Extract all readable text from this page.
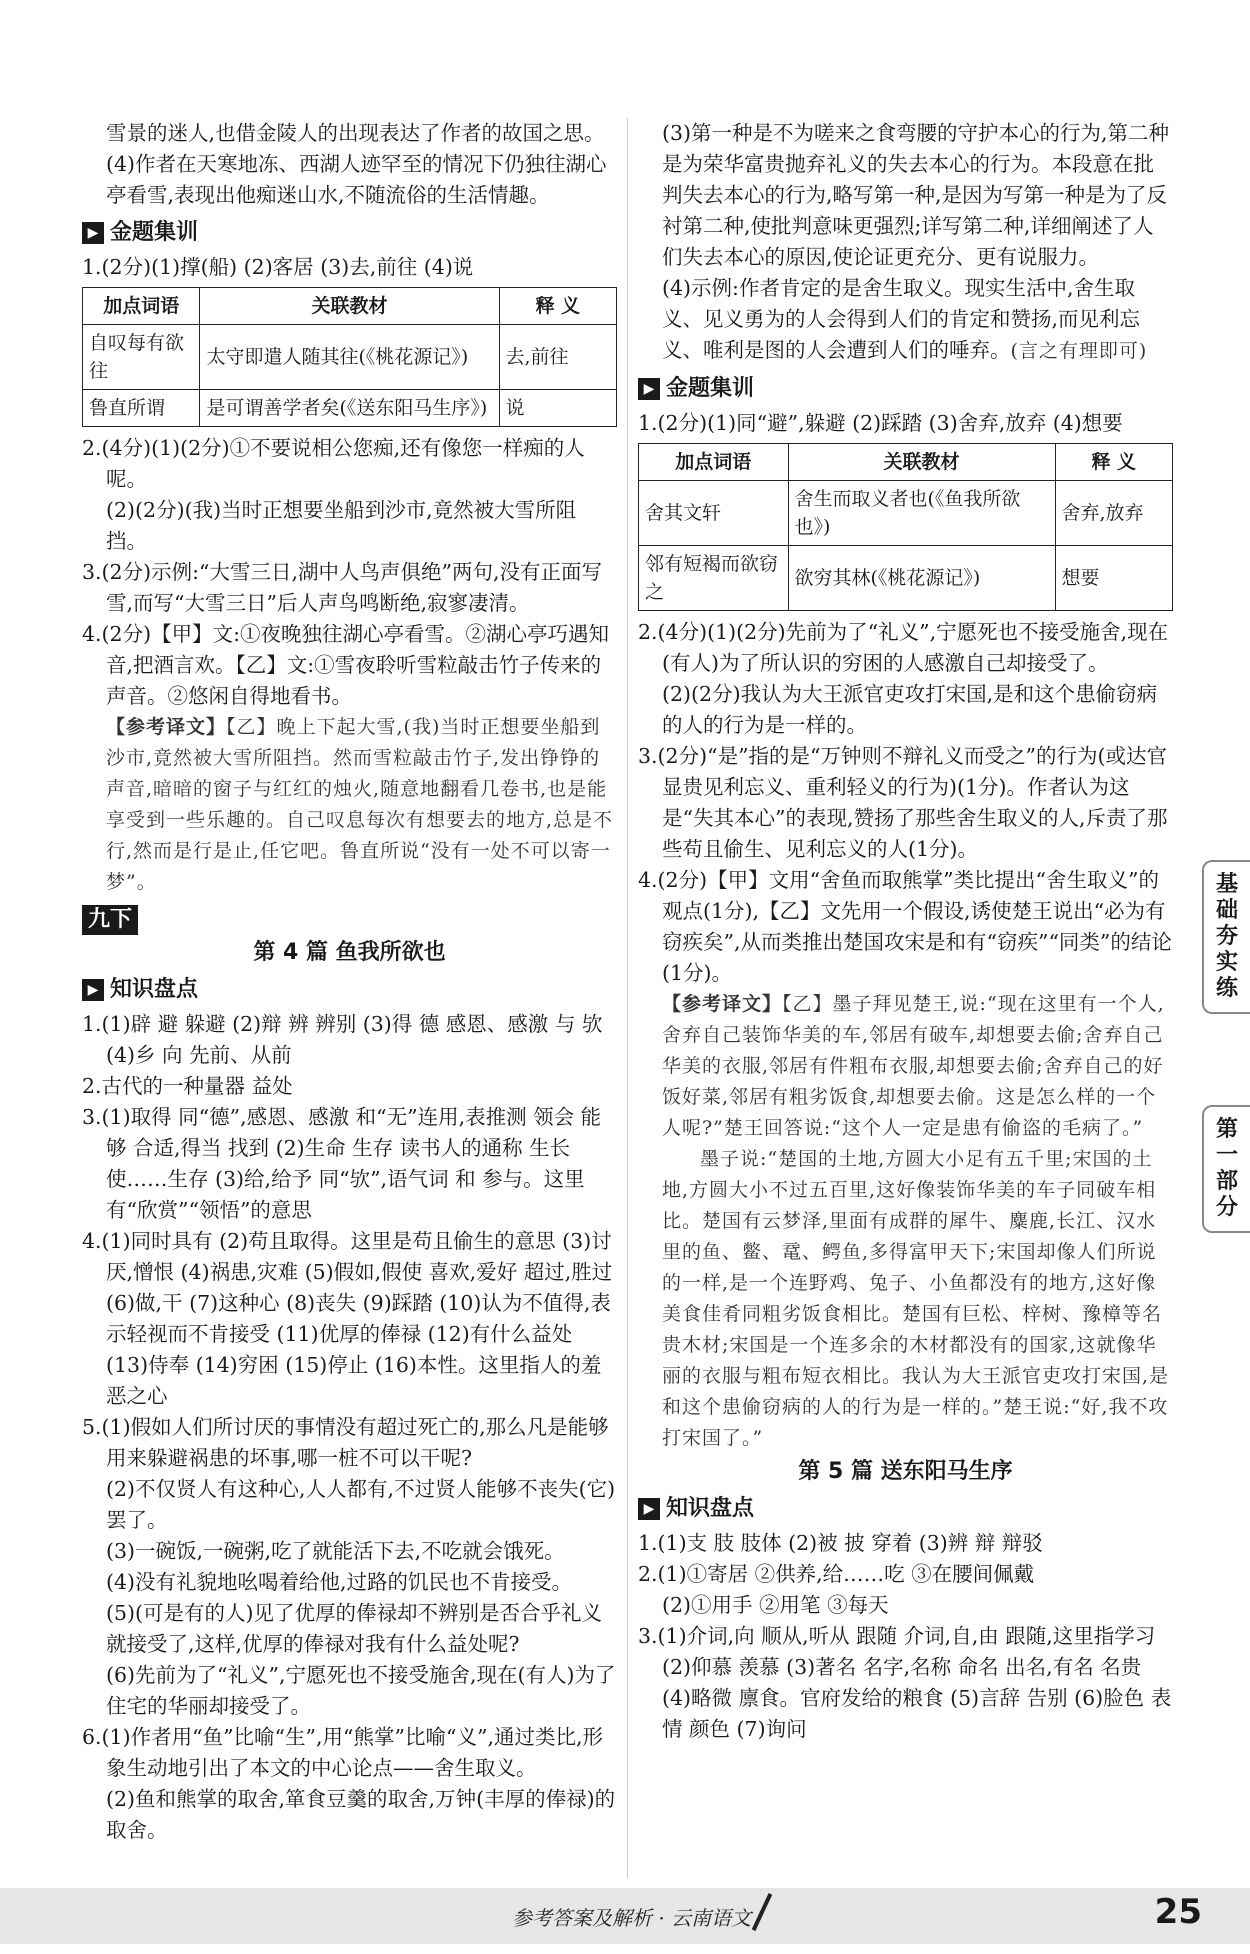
雪景的迷人,也借金陵人的出现表达了作者的故国之思。

(4)作者在天寒地冻、西湖人迹罕至的情况下仍独往湖心亭看雪,表现出他痴迷山水,不随流俗的生活情趣。

▶ 金题集训

1.(2分)(1)撑(船) (2)客居 (3)去,前往 (4)说

加点词语	关联教材	释 义
自叹每有欲往	太守即遣人随其往(《桃花源记》)	去,前往
鲁直所谓	是可谓善学者矣(《送东阳马生序》)	说

2.(4分)(1)(2分)①不要说相公您痴,还有像您一样痴的人呢。

(2)(2分)(我)当时正想要坐船到沙市,竟然被大雪所阻挡。

3.(2分)示例:“大雪三日,湖中人鸟声俱绝”两句,没有正面写雪,而写“大雪三日”后人声鸟鸣断绝,寂寥凄清。

4.(2分)【甲】文:①夜晚独往湖心亭看雪。②湖心亭巧遇知音,把酒言欢。【乙】文:①雪夜聆听雪粒敲击竹子传来的声音。②悠闲自得地看书。

【参考译文】【乙】晚上下起大雪,(我)当时正想要坐船到沙市,竟然被大雪所阻挡。然而雪粒敲击竹子,发出铮铮的声音,暗暗的窗子与红红的烛火,随意地翻看几卷书,也是能享受到一些乐趣的。自己叹息每次有想要去的地方,总是不行,然而是行是止,任它吧。鲁直所说“没有一处不可以寄一梦”。

九下
第 4 篇 鱼我所欲也
▶ 知识盘点

1.(1)辟 避 躲避 (2)辩 辨 辨别 (3)得 德 感恩、感激 与 欤 (4)乡 向 先前、从前

2.古代的一种量器 益处

3.(1)取得 同“德”,感恩、感激 和“无”连用,表推测 领会 能够 合适,得当 找到 (2)生命 生存 读书人的通称 生长 使……生存 (3)给,给予 同“欤”,语气词 和 参与。这里有“欣赏”“领悟”的意思

4.(1)同时具有 (2)苟且取得。这里是苟且偷生的意思 (3)讨厌,憎恨 (4)祸患,灾难 (5)假如,假使 喜欢,爱好 超过,胜过 (6)做,干 (7)这种心 (8)丧失 (9)踩踏 (10)认为不值得,表示轻视而不肯接受 (11)优厚的俸禄 (12)有什么益处 (13)侍奉 (14)穷困 (15)停止 (16)本性。这里指人的羞恶之心

5.(1)假如人们所讨厌的事情没有超过死亡的,那么凡是能够用来躲避祸患的坏事,哪一桩不可以干呢?

(2)不仅贤人有这种心,人人都有,不过贤人能够不丧失(它)罢了。

(3)一碗饭,一碗粥,吃了就能活下去,不吃就会饿死。

(4)没有礼貌地吆喝着给他,过路的饥民也不肯接受。

(5)(可是有的人)见了优厚的俸禄却不辨别是否合乎礼义就接受了,这样,优厚的俸禄对我有什么益处呢?

(6)先前为了“礼义”,宁愿死也不接受施舍,现在(有人)为了住宅的华丽却接受了。

6.(1)作者用“鱼”比喻“生”,用“熊掌”比喻“义”,通过类比,形象生动地引出了本文的中心论点——舍生取义。

(2)鱼和熊掌的取舍,箪食豆羹的取舍,万钟(丰厚的俸禄)的取舍。

(3)第一种是不为嗟来之食弯腰的守护本心的行为,第二种是为荣华富贵抛弃礼义的失去本心的行为。本段意在批判失去本心的行为,略写第一种,是因为写第一种是为了反衬第二种,使批判意味更强烈;详写第二种,详细阐述了人们失去本心的原因,使论证更充分、更有说服力。

(4)示例:作者肯定的是舍生取义。现实生活中,舍生取义、见义勇为的人会得到人们的肯定和赞扬,而见利忘义、唯利是图的人会遭到人们的唾弃。(言之有理即可)

▶ 金题集训

1.(2分)(1)同“避”,躲避 (2)踩踏 (3)舍弃,放弃 (4)想要

加点词语	关联教材	释 义
舍其文轩	舍生而取义者也(《鱼我所欲也》)	舍弃,放弃
邻有短褐而欲窃之	欲穷其林(《桃花源记》)	想要

2.(4分)(1)(2分)先前为了“礼义”,宁愿死也不接受施舍,现在(有人)为了所认识的穷困的人感激自己却接受了。

(2)(2分)我认为大王派官吏攻打宋国,是和这个患偷窃病的人的行为是一样的。

3.(2分)“是”指的是“万钟则不辩礼义而受之”的行为(或达官显贵见利忘义、重利轻义的行为)(1分)。作者认为这是“失其本心”的表现,赞扬了那些舍生取义的人,斥责了那些苟且偷生、见利忘义的人(1分)。

4.(2分)【甲】文用“舍鱼而取熊掌”类比提出“舍生取义”的观点(1分),【乙】文先用一个假设,诱使楚王说出“必为有窃疾矣”,从而类推出楚国攻宋是和有“窃疾”“同类”的结论(1分)。

【参考译文】【乙】墨子拜见楚王,说:“现在这里有一个人,舍弃自己装饰华美的车,邻居有破车,却想要去偷;舍弃自己华美的衣服,邻居有件粗布衣服,却想要去偷;舍弃自己的好饭好菜,邻居有粗劣饭食,却想要去偷。这是怎么样的一个人呢?”楚王回答说:“这个人一定是患有偷盗的毛病了。”

墨子说:“楚国的土地,方圆大小足有五千里;宋国的土地,方圆大小不过五百里,这好像装饰华美的车子同破车相比。楚国有云梦泽,里面有成群的犀牛、麋鹿,长江、汉水里的鱼、鳖、鼋、鳄鱼,多得富甲天下;宋国却像人们所说的一样,是一个连野鸡、兔子、小鱼都没有的地方,这好像美食佳肴同粗劣饭食相比。楚国有巨松、梓树、豫樟等名贵木材;宋国是一个连多余的木材都没有的国家,这就像华丽的衣服与粗布短衣相比。我认为大王派官吏攻打宋国,是和这个患偷窃病的人的行为是一样的。”楚王说:“好,我不攻打宋国了。”

第 5 篇 送东阳马生序
▶ 知识盘点

1.(1)支 肢 肢体 (2)被 披 穿着 (3)辨 辩 辩驳

2.(1)①寄居 ②供养,给……吃 ③在腰间佩戴

(2)①用手 ②用笔 ③每天

3.(1)介词,向 顺从,听从 跟随 介词,自,由 跟随,这里指学习 (2)仰慕 羡慕 (3)著名 名字,名称 命名 出名,有名 名贵 (4)略微 廪食。官府发给的粮食 (5)言辞 告别 (6)脸色 表情 颜色 (7)询问

基础夯实练
第一部分
参考答案及解析 · 云南语文	25
